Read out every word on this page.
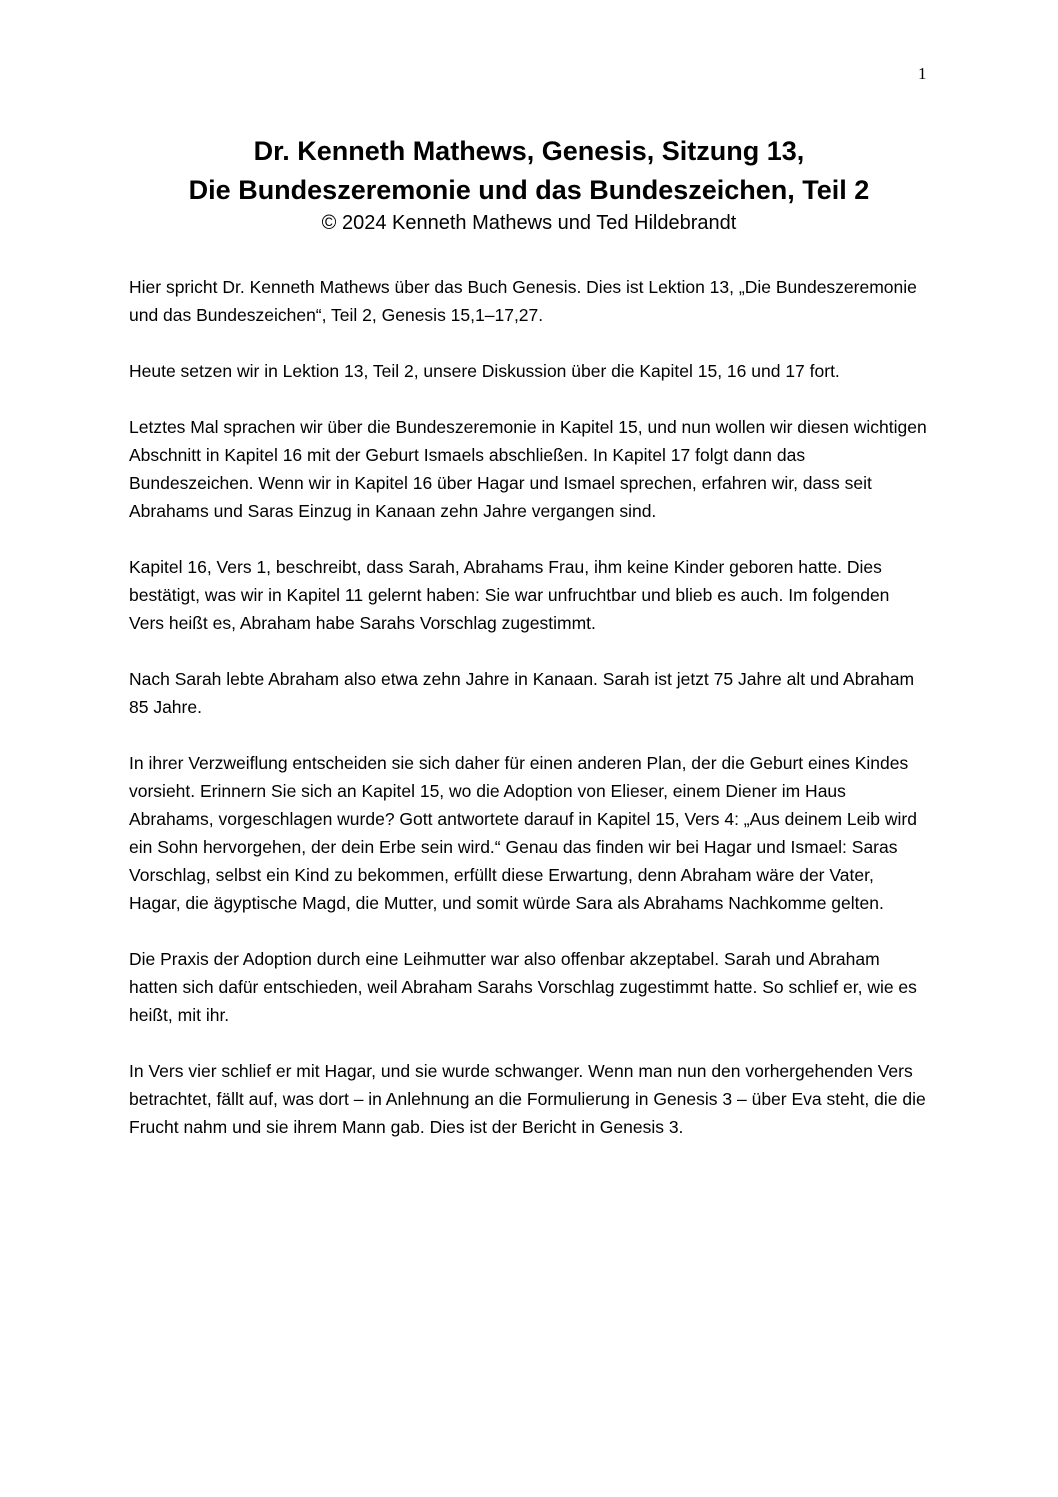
1
Dr. Kenneth Mathews, Genesis, Sitzung 13,
Die Bundeszeremonie und das Bundeszeichen, Teil 2
© 2024 Kenneth Mathews und Ted Hildebrandt

Hier spricht Dr. Kenneth Mathews über das Buch Genesis. Dies ist Lektion 13, „Die Bundeszeremonie und das Bundeszeichen“, Teil 2, Genesis 15,1–17,27.

Heute setzen wir in Lektion 13, Teil 2, unsere Diskussion über die Kapitel 15, 16 und 17 fort.

Letztes Mal sprachen wir über die Bundeszeremonie in Kapitel 15, und nun wollen wir diesen wichtigen Abschnitt in Kapitel 16 mit der Geburt Ismaels abschließen. In Kapitel 17 folgt dann das Bundeszeichen. Wenn wir in Kapitel 16 über Hagar und Ismael sprechen, erfahren wir, dass seit Abrahams und Saras Einzug in Kanaan zehn Jahre vergangen sind.

Kapitel 16, Vers 1, beschreibt, dass Sarah, Abrahams Frau, ihm keine Kinder geboren hatte. Dies bestätigt, was wir in Kapitel 11 gelernt haben: Sie war unfruchtbar und blieb es auch. Im folgenden Vers heißt es, Abraham habe Sarahs Vorschlag zugestimmt.

Nach Sarah lebte Abraham also etwa zehn Jahre in Kanaan. Sarah ist jetzt 75 Jahre alt und Abraham 85 Jahre.

In ihrer Verzweiflung entscheiden sie sich daher für einen anderen Plan, der die Geburt eines Kindes vorsieht. Erinnern Sie sich an Kapitel 15, wo die Adoption von Elieser, einem Diener im Haus Abrahams, vorgeschlagen wurde? Gott antwortete darauf in Kapitel 15, Vers 4: „Aus deinem Leib wird ein Sohn hervorgehen, der dein Erbe sein wird.“ Genau das finden wir bei Hagar und Ismael: Saras Vorschlag, selbst ein Kind zu bekommen, erfüllt diese Erwartung, denn Abraham wäre der Vater, Hagar, die ägyptische Magd, die Mutter, und somit würde Sara als Abrahams Nachkomme gelten.

Die Praxis der Adoption durch eine Leihmutter war also offenbar akzeptabel. Sarah und Abraham hatten sich dafür entschieden, weil Abraham Sarahs Vorschlag zugestimmt hatte. So schlief er, wie es heißt, mit ihr.

In Vers vier schlief er mit Hagar, und sie wurde schwanger. Wenn man nun den vorhergehenden Vers betrachtet, fällt auf, was dort – in Anlehnung an die Formulierung in Genesis 3 – über Eva steht, die die Frucht nahm und sie ihrem Mann gab. Dies ist der Bericht in Genesis 3.
